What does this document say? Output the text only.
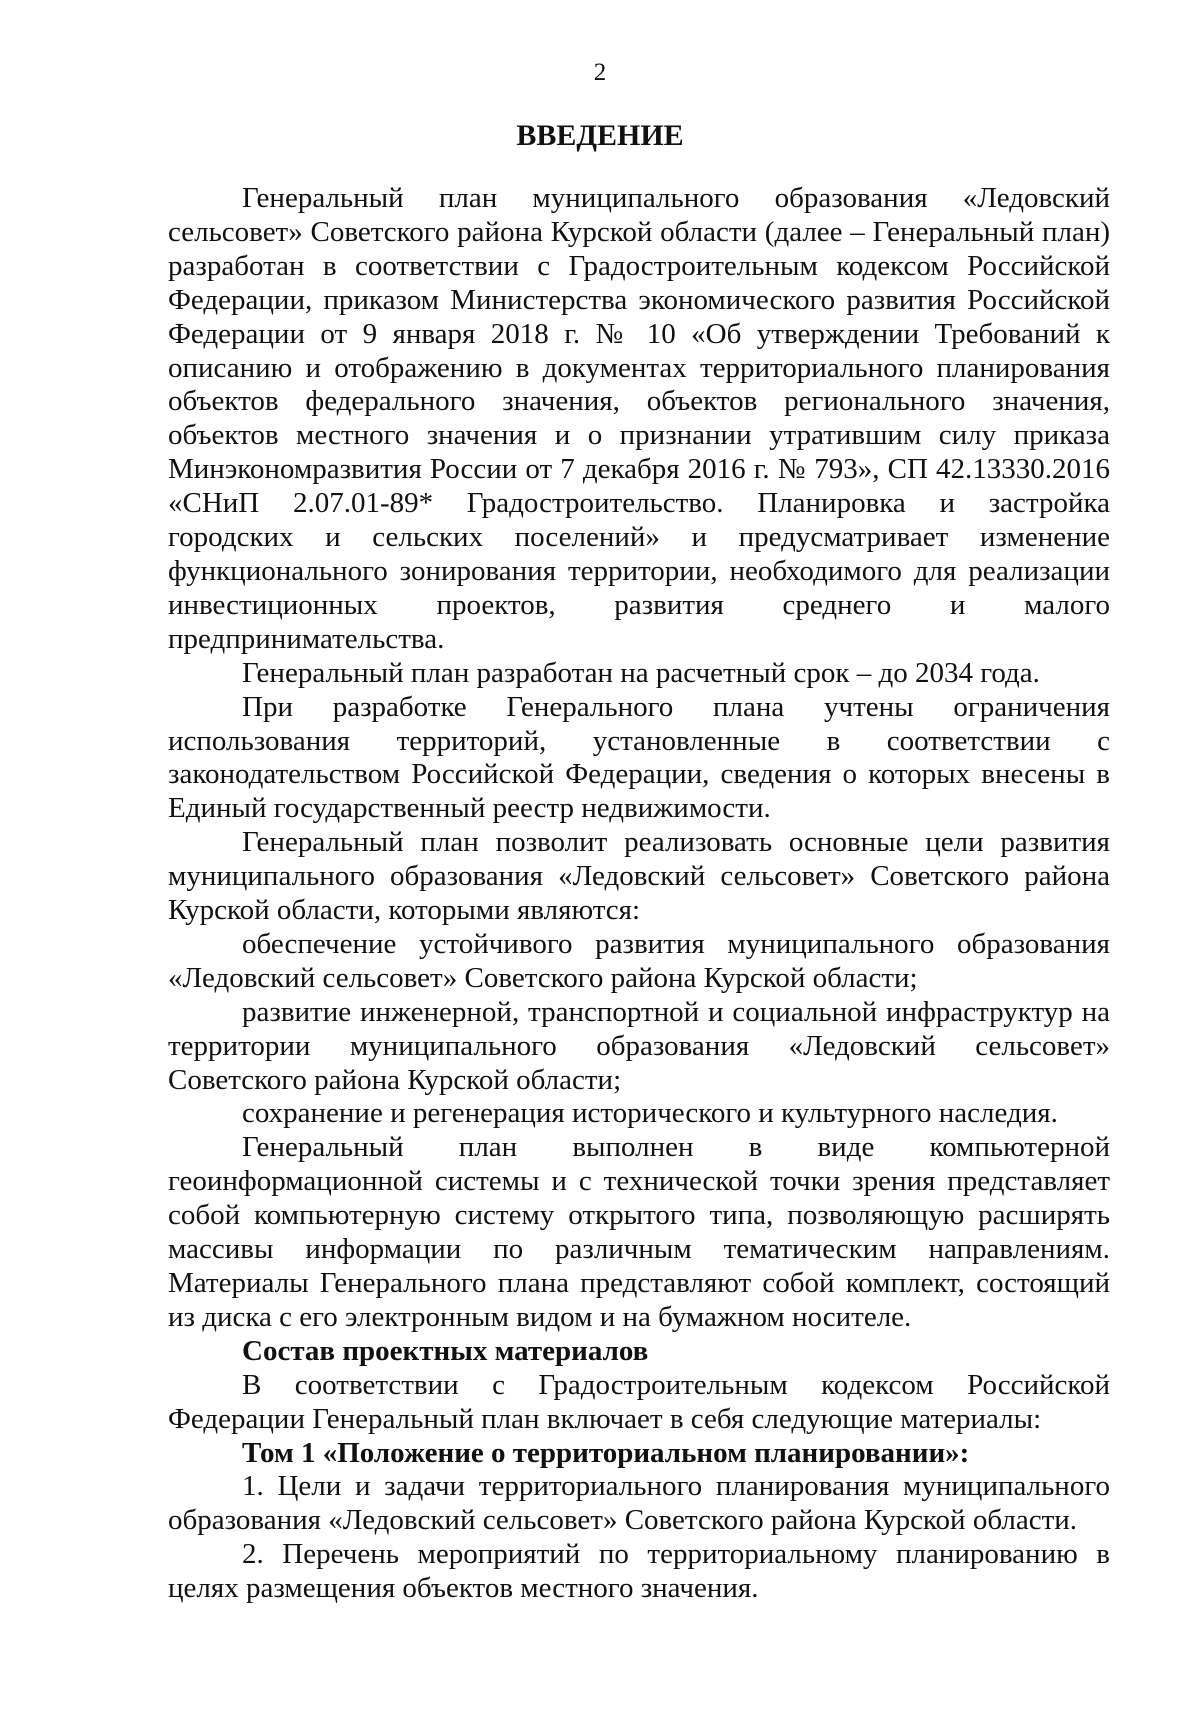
2
ВВЕДЕНИЕ

Генеральный план муниципального образования «Ледовский сельсовет» Советского района Курской области (далее – Генеральный план) разработан в соответствии с Градостроительным кодексом Российской Федерации, приказом Министерства экономического развития Российской Федерации от 9 января 2018 г. № 10 «Об утверждении Требований к описанию и отображению в документах территориального планирования объектов федерального значения, объектов регионального значения, объектов местного значения и о признании утратившим силу приказа Минэкономразвития России от 7 декабря 2016 г. № 793», СП 42.13330.2016 «СНиП 2.07.01-89* Градостроительство. Планировка и застройка городских и сельских поселений» и предусматривает изменение функционального зонирования территории, необходимого для реализации инвестиционных проектов, развития среднего и малого предпринимательства.

Генеральный план разработан на расчетный срок – до 2034 года.

При разработке Генерального плана учтены ограничения использования территорий, установленные в соответствии с законодательством Российской Федерации, сведения о которых внесены в Единый государственный реестр недвижимости.

Генеральный план позволит реализовать основные цели развития муниципального образования «Ледовский сельсовет» Советского района Курской области, которыми являются:

обеспечение устойчивого развития муниципального образования «Ледовский сельсовет» Советского района Курской области;

развитие инженерной, транспортной и социальной инфраструктур на территории муниципального образования «Ледовский сельсовет» Советского района Курской области;

сохранение и регенерация исторического и культурного наследия.

Генеральный план выполнен в виде компьютерной геоинформационной системы и с технической точки зрения представляет собой компьютерную систему открытого типа, позволяющую расширять массивы информации по различным тематическим направлениям. Материалы Генерального плана представляют собой комплект, состоящий из диска с его электронным видом и на бумажном носителе.

Состав проектных материалов

В соответствии с Градостроительным кодексом Российской Федерации Генеральный план включает в себя следующие материалы:

Том 1 «Положение о территориальном планировании»:

1. Цели и задачи территориального планирования муниципального образования «Ледовский сельсовет» Советского района Курской области.

2. Перечень мероприятий по территориальному планированию в целях размещения объектов местного значения.
